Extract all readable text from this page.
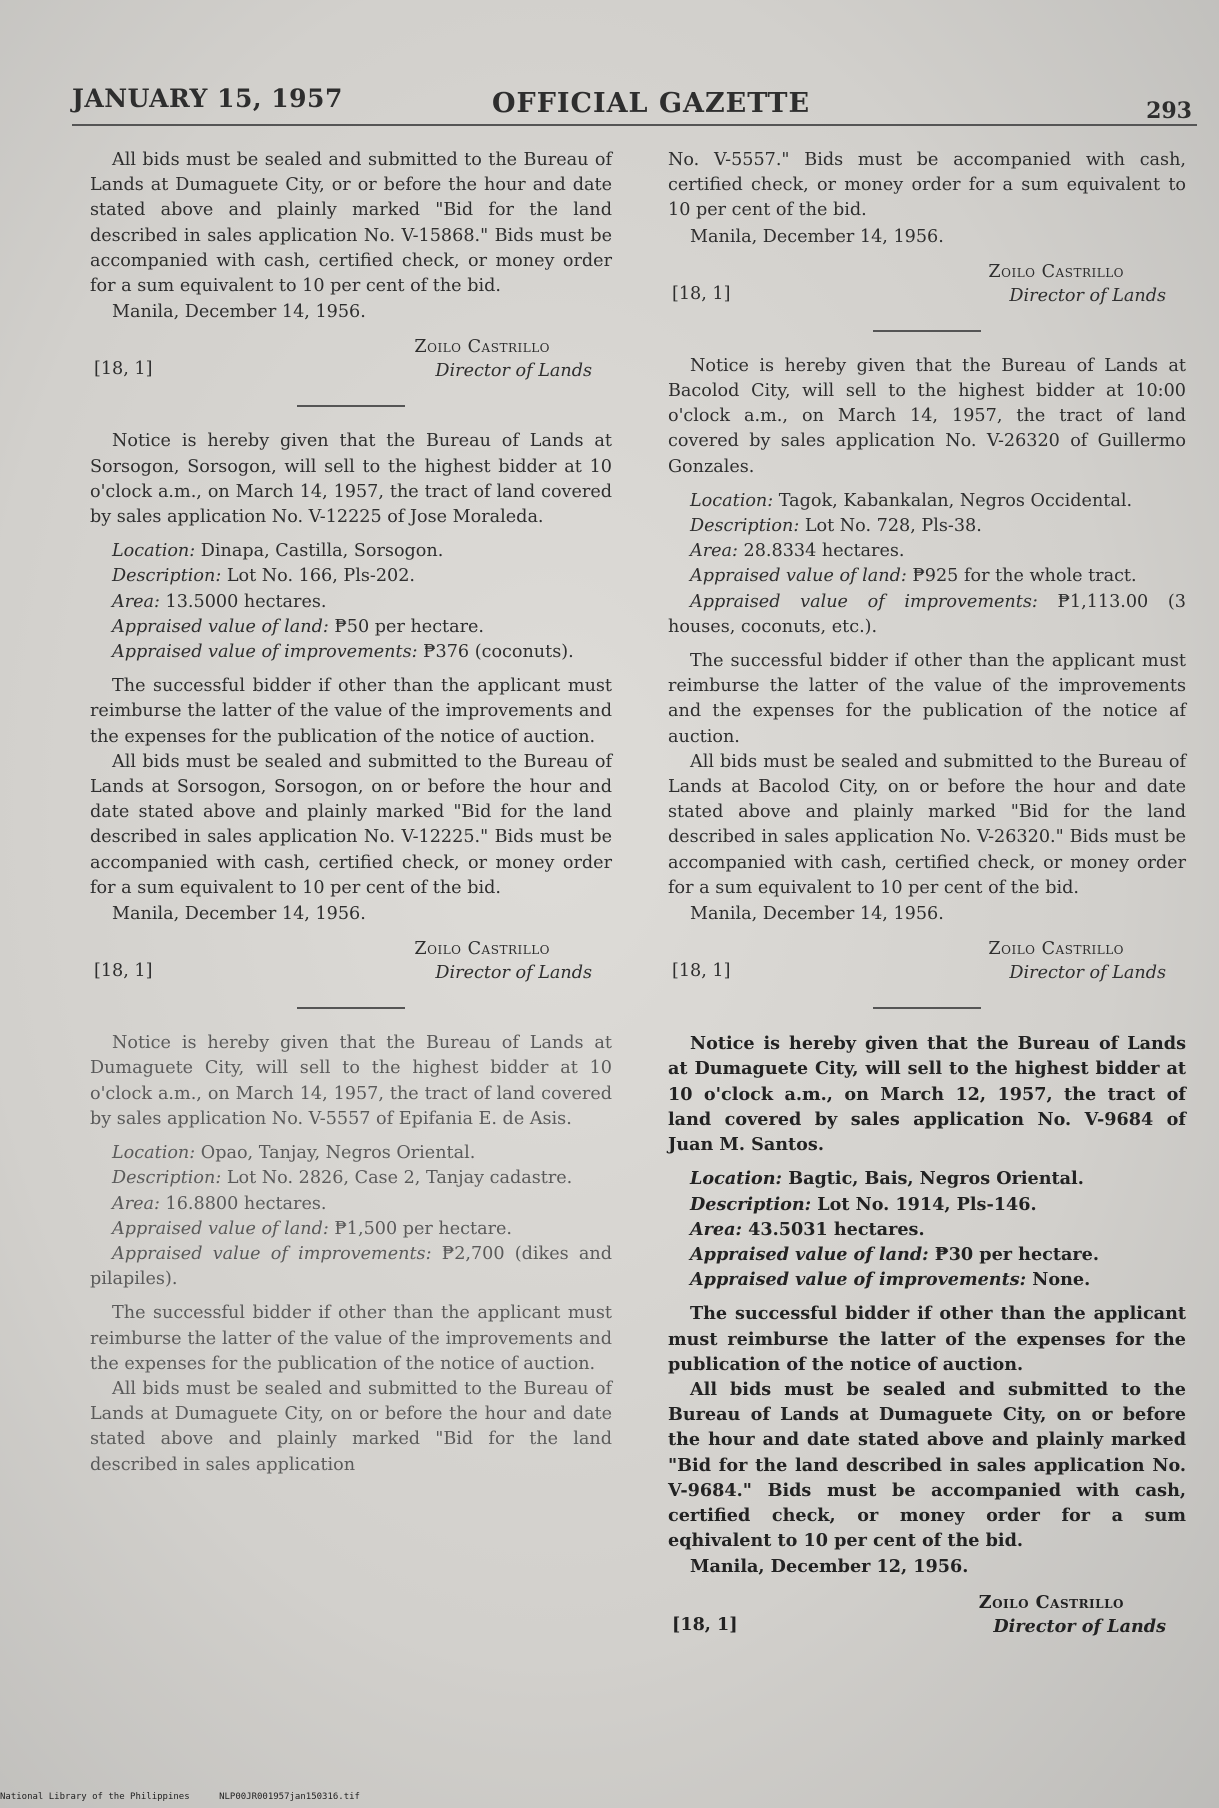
JANUARY 15, 1957	OFFICIAL GAZETTE	293

All bids must be sealed and submitted to the Bureau of Lands at Dumaguete City, or or before the hour and date stated above and plainly marked "Bid for the land described in sales application No. V-15868." Bids must be accompanied with cash, certified check, or money order for a sum equivalent to 10 per cent of the bid.

Manila, December 14, 1956.

[18, 1]
Zoilo Castrillo
Director of Lands

Notice is hereby given that the Bureau of Lands at Sorsogon, Sorsogon, will sell to the highest bidder at 10 o'clock a.m., on March 14, 1957, the tract of land covered by sales application No. V-12225 of Jose Moraleda.

Location: Dinapa, Castilla, Sorsogon.

Description: Lot No. 166, Pls-202.

Area: 13.5000 hectares.

Appraised value of land: ₱50 per hectare.

Appraised value of improvements: ₱376 (coconuts).

The successful bidder if other than the applicant must reimburse the latter of the value of the improvements and the expenses for the publication of the notice of auction.

All bids must be sealed and submitted to the Bureau of Lands at Sorsogon, Sorsogon, on or before the hour and date stated above and plainly marked "Bid for the land described in sales application No. V-12225." Bids must be accompanied with cash, certified check, or money order for a sum equivalent to 10 per cent of the bid.

Manila, December 14, 1956.

[18, 1]
Zoilo Castrillo
Director of Lands

Notice is hereby given that the Bureau of Lands at Dumaguete City, will sell to the highest bidder at 10 o'clock a.m., on March 14, 1957, the tract of land covered by sales application No. V-5557 of Epifania E. de Asis.

Location: Opao, Tanjay, Negros Oriental.

Description: Lot No. 2826, Case 2, Tanjay cadastre.

Area: 16.8800 hectares.

Appraised value of land: ₱1,500 per hectare.

Appraised value of improvements: ₱2,700 (dikes and pilapiles).

The successful bidder if other than the applicant must reimburse the latter of the value of the improvements and the expenses for the publication of the notice of auction.

All bids must be sealed and submitted to the Bureau of Lands at Dumaguete City, on or before the hour and date stated above and plainly marked "Bid for the land described in sales application

No. V-5557." Bids must be accompanied with cash, certified check, or money order for a sum equivalent to 10 per cent of the bid.

Manila, December 14, 1956.

[18, 1]
Zoilo Castrillo
Director of Lands

Notice is hereby given that the Bureau of Lands at Bacolod City, will sell to the highest bidder at 10:00 o'clock a.m., on March 14, 1957, the tract of land covered by sales application No. V-26320 of Guillermo Gonzales.

Location: Tagok, Kabankalan, Negros Occidental.

Description: Lot No. 728, Pls-38.

Area: 28.8334 hectares.

Appraised value of land: ₱925 for the whole tract.

Appraised value of improvements: ₱1,113.00 (3 houses, coconuts, etc.).

The successful bidder if other than the applicant must reimburse the latter of the value of the improvements and the expenses for the publication of the notice af auction.

All bids must be sealed and submitted to the Bureau of Lands at Bacolod City, on or before the hour and date stated above and plainly marked "Bid for the land described in sales application No. V-26320." Bids must be accompanied with cash, certified check, or money order for a sum equivalent to 10 per cent of the bid.

Manila, December 14, 1956.

[18, 1]
Zoilo Castrillo
Director of Lands

Notice is hereby given that the Bureau of Lands at Dumaguete City, will sell to the highest bidder at 10 o'clock a.m., on March 12, 1957, the tract of land covered by sales application No. V-9684 of Juan M. Santos.

Location: Bagtic, Bais, Negros Oriental.

Description: Lot No. 1914, Pls-146.

Area: 43.5031 hectares.

Appraised value of land: ₱30 per hectare.

Appraised value of improvements: None.

The successful bidder if other than the applicant must reimburse the latter of the expenses for the publication of the notice of auction.

All bids must be sealed and submitted to the Bureau of Lands at Dumaguete City, on or before the hour and date stated above and plainly marked "Bid for the land described in sales application No. V-9684." Bids must be accompanied with cash, certified check, or money order for a sum eqhivalent to 10 per cent of the bid.

Manila, December 12, 1956.

[18, 1]
Zoilo Castrillo
Director of Lands
National Library of the Philippines	NLP00JR001957jan150316.tif
